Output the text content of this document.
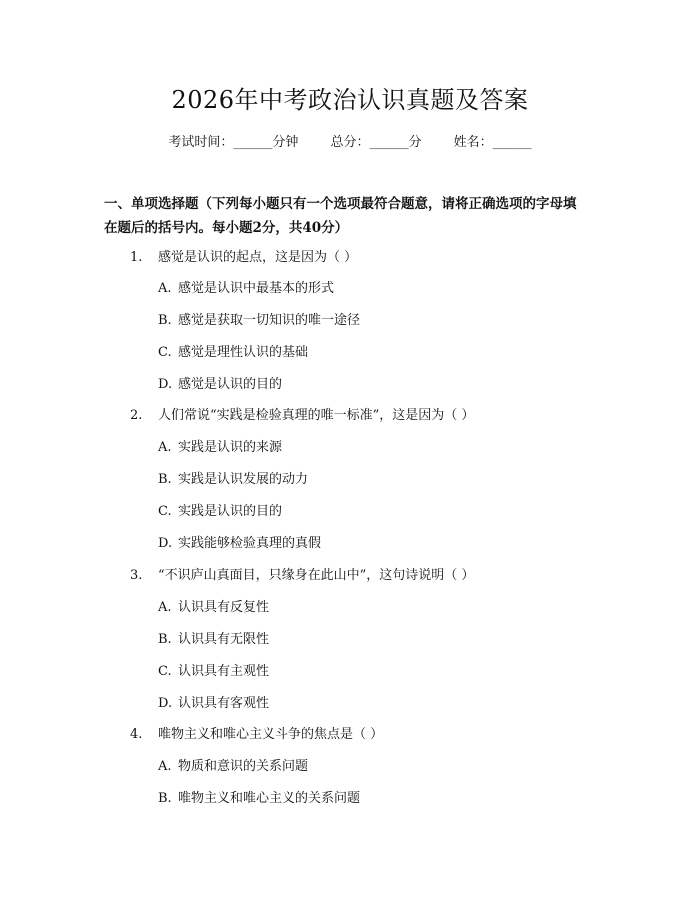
2026年中考政治认识真题及答案
考试时间：______分钟 总分：______分 姓名：______
一、单项选择题（下列每小题只有一个选项最符合题意，请将正确选项的字母填
在题后的括号内。每小题2分，共40分）
1. 感觉是认识的起点，这是因为（ ）
A. 感觉是认识中最基本的形式
B. 感觉是获取一切知识的唯一途径
C. 感觉是理性认识的基础
D. 感觉是认识的目的
2. 人们常说“实践是检验真理的唯一标准”，这是因为（ ）
A. 实践是认识的来源
B. 实践是认识发展的动力
C. 实践是认识的目的
D. 实践能够检验真理的真假
3. “不识庐山真面目，只缘身在此山中”，这句诗说明（ ）
A. 认识具有反复性
B. 认识具有无限性
C. 认识具有主观性
D. 认识具有客观性
4. 唯物主义和唯心主义斗争的焦点是（ ）
A. 物质和意识的关系问题
B. 唯物主义和唯心主义的关系问题
